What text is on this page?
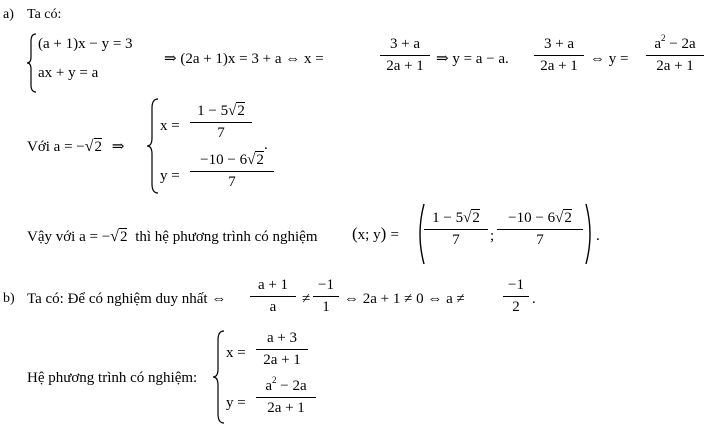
a) Ta có:
(a + 1)x − y = 3
ax + y = a
⇒ (2a + 1)x = 3 + a ⇔ x =
3 + a
2a + 1 ⇒ y = a − a.
3 + a
2a + 1 ⇔ y =
$a^2 - 2a$
2a + 1
Với a = −√2 ⇒
x =
1 − 5√2
7
y =
−10 − 6√2
7
.
Vậy với a = −√2 thì hệ phương trình có nghiệm (x; y) =
1 − 5√2
7	;
−10 − 6√2
7	.
b) Ta có: Để có nghiệm duy nhất ⇔
a + 1
a	≠
−1
1 ⇔ 2a + 1 ≠ 0 ⇔ a ≠
−1
2 .
Hệ phương trình có nghiệm:
x =
a + 3
2a + 1
y =
$a^2 - 2a$
2a + 1
